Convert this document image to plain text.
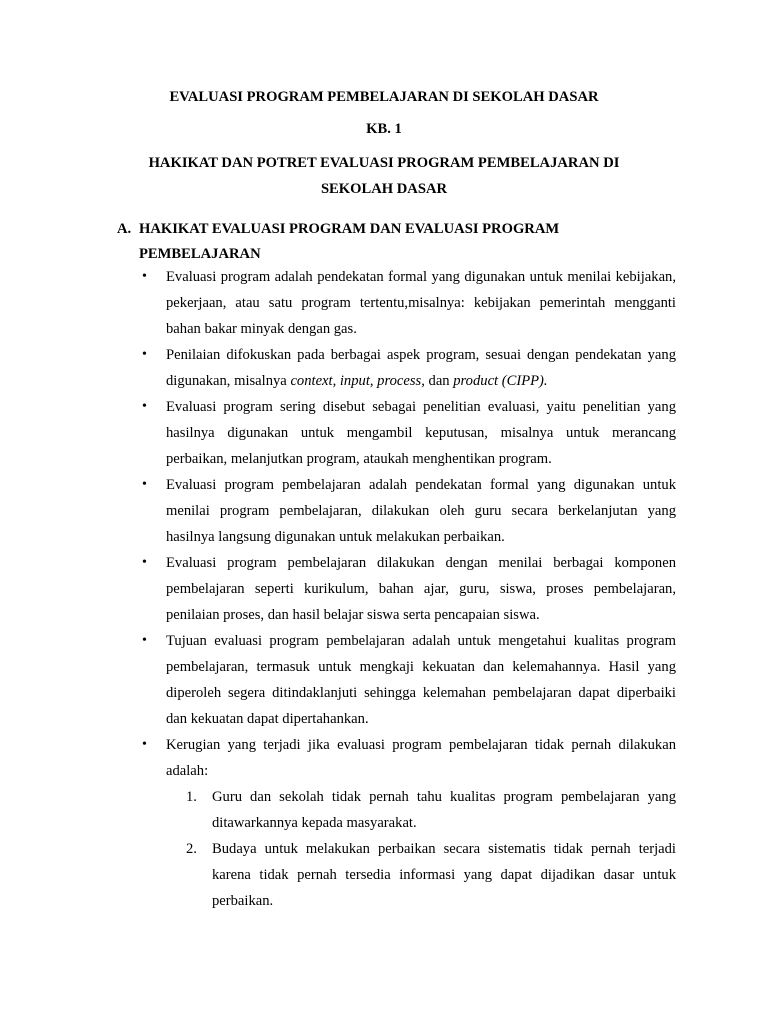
EVALUASI PROGRAM PEMBELAJARAN DI SEKOLAH DASAR
KB. 1
HAKIKAT DAN POTRET EVALUASI PROGRAM PEMBELAJARAN DI
SEKOLAH DASAR
A. HAKIKAT EVALUASI PROGRAM DAN EVALUASI PROGRAM
PEMBELAJARAN
• Evaluasi program adalah pendekatan formal yang digunakan untuk menilai kebijakan, pekerjaan, atau satu program tertentu,misalnya: kebijakan pemerintah mengganti bahan bakar minyak dengan gas.
• Penilaian difokuskan pada berbagai aspek program, sesuai dengan pendekatan yang digunakan, misalnya context, input, process, dan product (CIPP).
• Evaluasi program sering disebut sebagai penelitian evaluasi, yaitu penelitian yang hasilnya digunakan untuk mengambil keputusan, misalnya untuk merancang perbaikan, melanjutkan program, ataukah menghentikan program.
• Evaluasi program pembelajaran adalah pendekatan formal yang digunakan untuk menilai program pembelajaran, dilakukan oleh guru secara berkelanjutan yang hasilnya langsung digunakan untuk melakukan perbaikan.
• Evaluasi program pembelajaran dilakukan dengan menilai berbagai komponen pembelajaran seperti kurikulum, bahan ajar, guru, siswa, proses pembelajaran, penilaian proses, dan hasil belajar siswa serta pencapaian siswa.
• Tujuan evaluasi program pembelajaran adalah untuk mengetahui kualitas program pembelajaran, termasuk untuk mengkaji kekuatan dan kelemahannya. Hasil yang diperoleh segera ditindaklanjuti sehingga kelemahan pembelajaran dapat diperbaiki dan kekuatan dapat dipertahankan.
• Kerugian yang terjadi jika evaluasi program pembelajaran tidak pernah dilakukan adalah:
1. Guru dan sekolah tidak pernah tahu kualitas program pembelajaran yang ditawarkannya kepada masyarakat.
2. Budaya untuk melakukan perbaikan secara sistematis tidak pernah terjadi karena tidak pernah tersedia informasi yang dapat dijadikan dasar untuk perbaikan.
